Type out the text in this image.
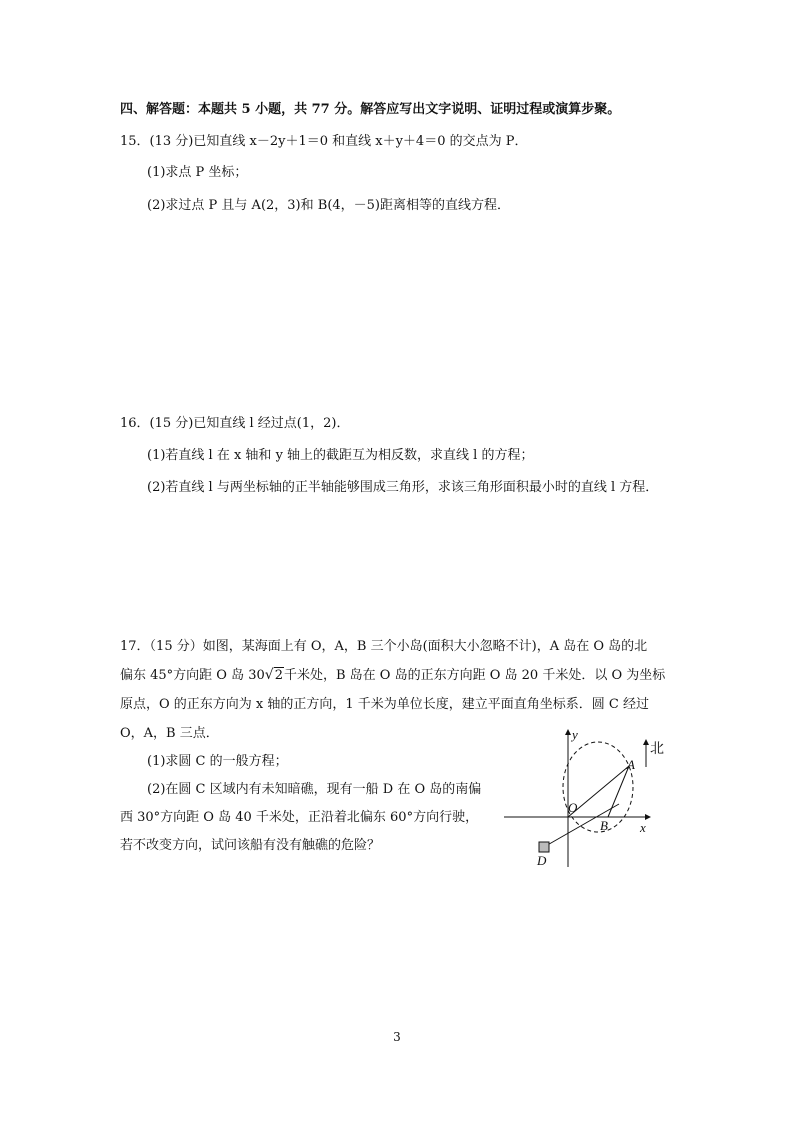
四、解答题：本题共 5 小题，共 77 分。解答应写出文字说明、证明过程或演算步聚。
15．(13 分)已知直线 x－2y＋1＝0 和直线 x＋y＋4＝0 的交点为 P．
(1)求点 P 坐标；
(2)求过点 P 且与 A(2，3)和 B(4，－5)距离相等的直线方程．
16．(15 分)已知直线 l 经过点(1，2)．
(1)若直线 l 在 x 轴和 y 轴上的截距互为相反数，求直线 l 的方程；
(2)若直线 l 与两坐标轴的正半轴能够围成三角形，求该三角形面积最小时的直线 l 方程．
17．（15 分）如图，某海面上有 O，A，B 三个小岛(面积大小忽略不计)，A 岛在 O 岛的北
偏东 45°方向距 O 岛 30√2千米处，B 岛在 O 岛的正东方向距 O 岛 20 千米处．以 O 为坐标
原点，O 的正东方向为 x 轴的正方向，1 千米为单位长度，建立平面直角坐标系．圆 C 经过
O，A，B 三点．
(1)求圆 C 的一般方程；
(2)在圆 C 区域内有未知暗礁，现有一船 D 在 O 岛的南偏
西 30°方向距 O 岛 40 千米处，正沿着北偏东 60°方向行驶，
若不改变方向，试问该船有没有触礁的危险？
y
北
A
O
B x
D
3
